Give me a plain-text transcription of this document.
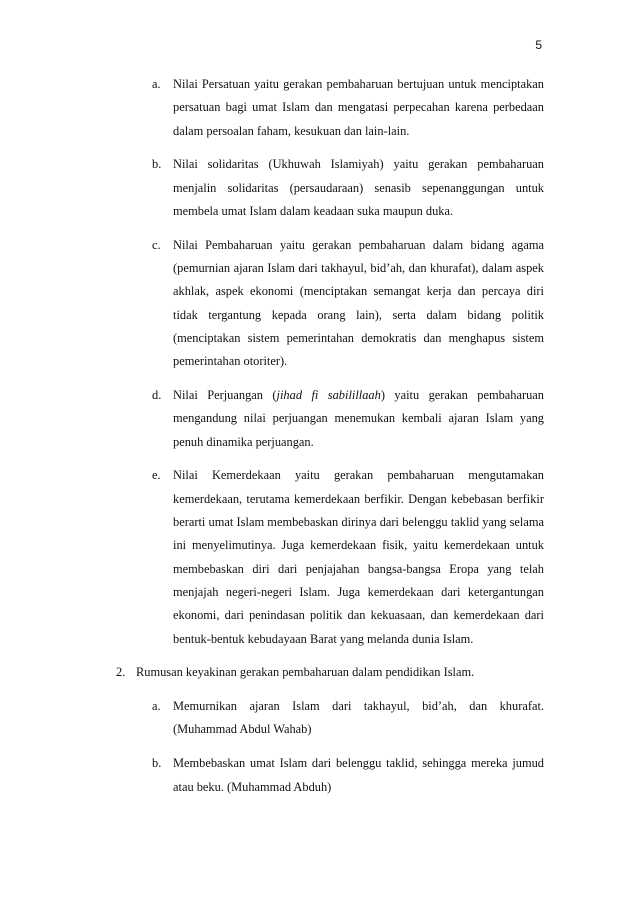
5
a. Nilai Persatuan yaitu gerakan pembaharuan bertujuan untuk menciptakan persatuan bagi umat Islam dan mengatasi perpecahan karena perbedaan dalam persoalan faham, kesukuan dan lain-lain.
b. Nilai solidaritas (Ukhuwah Islamiyah) yaitu gerakan pembaharuan menjalin solidaritas (persaudaraan) senasib sepenanggungan untuk membela umat Islam dalam keadaan suka maupun duka.
c. Nilai Pembaharuan yaitu gerakan pembaharuan dalam bidang agama (pemurnian ajaran Islam dari takhayul, bid’ah, dan khurafat), dalam aspek akhlak, aspek ekonomi (menciptakan semangat kerja dan percaya diri tidak tergantung kepada orang lain), serta dalam bidang politik (menciptakan sistem pemerintahan demokratis dan menghapus sistem pemerintahan otoriter).
d. Nilai Perjuangan (jihad fi sabilillaah) yaitu gerakan pembaharuan mengandung nilai perjuangan menemukan kembali ajaran Islam yang penuh dinamika perjuangan.
e. Nilai Kemerdekaan yaitu gerakan pembaharuan mengutamakan kemerdekaan, terutama kemerdekaan berfikir. Dengan kebebasan berfikir berarti umat Islam membebaskan dirinya dari belenggu taklid yang selama ini menyelimutinya. Juga kemerdekaan fisik, yaitu kemerdekaan untuk membebaskan diri dari penjajahan bangsa-bangsa Eropa yang telah menjajah negeri-negeri Islam. Juga kemerdekaan dari ketergantungan ekonomi, dari penindasan politik dan kekuasaan, dan kemerdekaan dari bentuk-bentuk kebudayaan Barat yang melanda dunia Islam.
2. Rumusan keyakinan gerakan pembaharuan dalam pendidikan Islam.
a. Memurnikan ajaran Islam dari takhayul, bid’ah, dan khurafat. (Muhammad Abdul Wahab)
b. Membebaskan umat Islam dari belenggu taklid, sehingga mereka jumud atau beku. (Muhammad Abduh)
